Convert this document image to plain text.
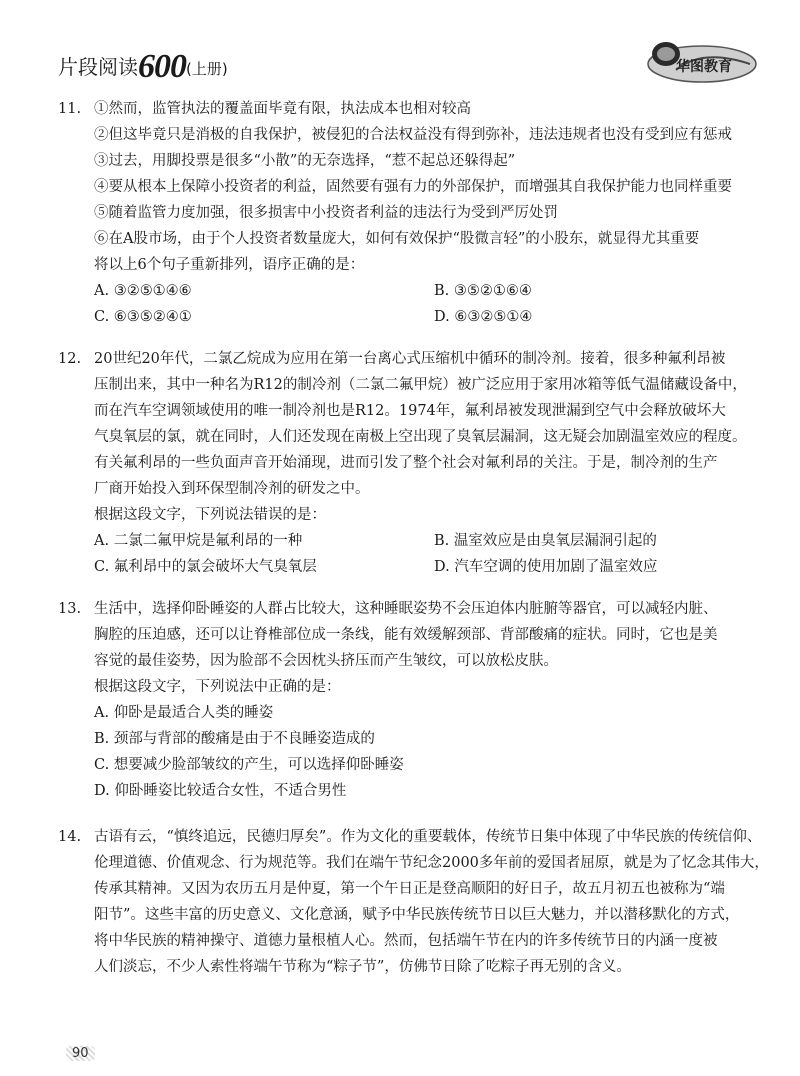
片段阅读600(上册)	华图教育
11. ①然而，监管执法的覆盖面毕竟有限，执法成本也相对较高
②但这毕竟只是消极的自我保护，被侵犯的合法权益没有得到弥补，违法违规者也没有受到应有惩戒
③过去，用脚投票是很多“小散”的无奈选择，“惹不起总还躲得起”
④要从根本上保障小投资者的利益，固然要有强有力的外部保护，而增强其自我保护能力也同样重要
⑤随着监管力度加强，很多损害中小投资者利益的违法行为受到严厉处罚
⑥在A股市场，由于个人投资者数量庞大，如何有效保护“股微言轻”的小股东，就显得尤其重要
将以上6个句子重新排列，语序正确的是：
A. ③②⑤①④⑥	B. ③⑤②①⑥④
C. ⑥③⑤②④①	D. ⑥③②⑤①④
12. 20世纪20年代，二氯乙烷成为应用在第一台离心式压缩机中循环的制冷剂。接着，很多种氟利昂被
压制出来，其中一种名为R12的制冷剂（二氯二氟甲烷）被广泛应用于家用冰箱等低气温储藏设备中，
而在汽车空调领域使用的唯一制冷剂也是R12。1974年，氟利昂被发现泄漏到空气中会释放破坏大
气臭氧层的氯，就在同时，人们还发现在南极上空出现了臭氧层漏洞，这无疑会加剧温室效应的程度。
有关氟利昂的一些负面声音开始涌现，进而引发了整个社会对氟利昂的关注。于是，制冷剂的生产
厂商开始投入到环保型制冷剂的研发之中。
根据这段文字，下列说法错误的是：
A. 二氯二氟甲烷是氟利昂的一种	B. 温室效应是由臭氧层漏洞引起的
C. 氟利昂中的氯会破坏大气臭氧层	D. 汽车空调的使用加剧了温室效应
13. 生活中，选择仰卧睡姿的人群占比较大，这种睡眠姿势不会压迫体内脏腑等器官，可以减轻内脏、
胸腔的压迫感，还可以让脊椎部位成一条线，能有效缓解颈部、背部酸痛的症状。同时，它也是美
容觉的最佳姿势，因为脸部不会因枕头挤压而产生皱纹，可以放松皮肤。
根据这段文字，下列说法中正确的是：
A. 仰卧是最适合人类的睡姿
B. 颈部与背部的酸痛是由于不良睡姿造成的
C. 想要减少脸部皱纹的产生，可以选择仰卧睡姿
D. 仰卧睡姿比较适合女性，不适合男性
14. 古语有云，“慎终追远，民德归厚矣”。作为文化的重要载体，传统节日集中体现了中华民族的传统信仰、
伦理道德、价值观念、行为规范等。我们在端午节纪念2000多年前的爱国者屈原，就是为了忆念其伟大，
传承其精神。又因为农历五月是仲夏，第一个午日正是登高顺阳的好日子，故五月初五也被称为“端
阳节”。这些丰富的历史意义、文化意涵，赋予中华民族传统节日以巨大魅力，并以潜移默化的方式，
将中华民族的精神操守、道德力量根植人心。然而，包括端午节在内的许多传统节日的内涵一度被
人们淡忘，不少人索性将端午节称为“粽子节”，仿佛节日除了吃粽子再无别的含义。
90
